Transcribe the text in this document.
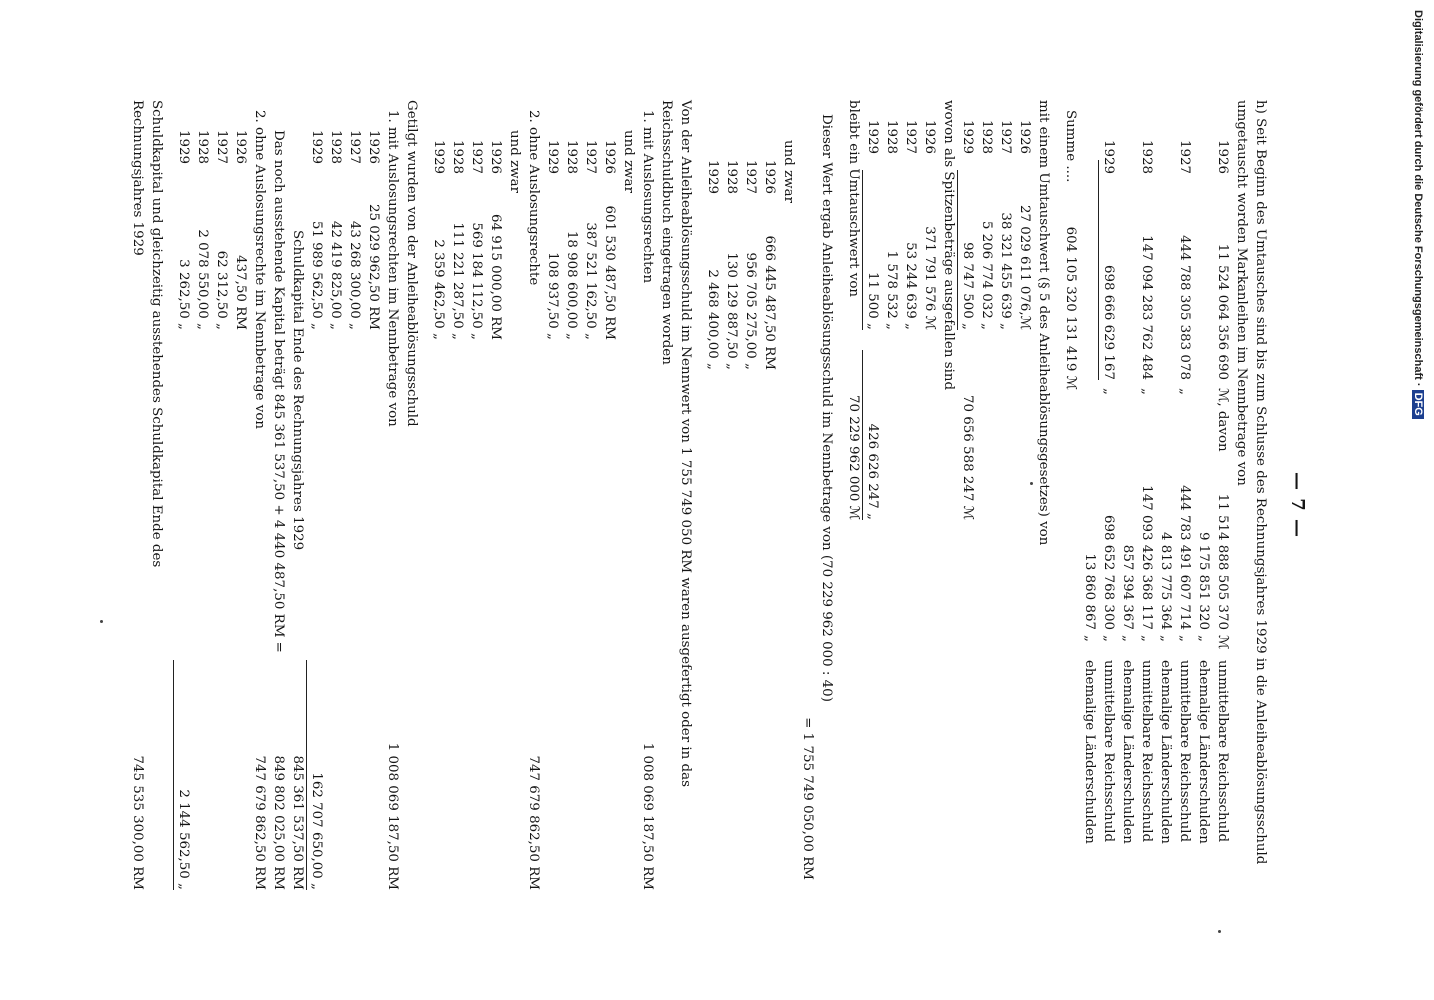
Digitalisierung gefördert durch die Deutsche Forschungsgemeinschaft · DFG
— 7 —
h) Seit Beginn des Umtausches sind bis zum Schlusse des Rechnungsjahres 1929 in die Anleiheablösungsschuld umgetauscht worden Markanleihen im Nennbetrage von
1926
11 524 064 356 690
ℳ, davon
11 514 888 505 370
ℳ
unmittelbare Reichsschuld
9 175 851 320
„
ehemalige Länderschulden
1927
444 788 305 383 078
„
444 783 491 607 714
„
unmittelbare Reichsschuld
4 813 775 364
„
ehemalige Länderschulden
1928
147 094 283 762 484
„
147 093 426 368 117
„
unmittelbare Reichsschuld
857 394 367
„
ehemalige Länderschulden
1929
698 666 629 167
„
698 652 768 300
„
unmittelbare Reichsschuld
13 860 867
„
ehemalige Länderschulden
Summe ....
604 105 320 131 419 ℳ
mit einem Umtauschwert (§ 5 des Anleiheablösungsgesetzes) von
1926
27 029 611 076,ℳ
1927
38 321 455 639 „
1928
5 206 774 032 „
1929
98 747 500 „
70 656 588 247 ℳ
wovon als Spitzenbeträge ausgefallen sind
1926
371 791 576 ℳ
1927
53 244 639 „
1928
1 578 532 „
1929
11 500 „
426 626 247 „
bleibt ein Umtauschwert von
70 229 962 000 ℳ
Dieser Wert ergab Anleiheablösungsschuld im Nennbetrage von (70 229 962 000 : 40)
= 1 755 749 050,00 RM
und zwar
1926
666 445 487,50 RM
1927
956 705 275,00 „
1928
130 129 887,50 „
1929
2 468 400,00 „
Von der Anleiheablösungsschuld im Nennwert von 1 755 749 050 RM waren ausgefertigt oder in das Reichsschuldbuch eingetragen worden
1. mit Auslosungsrechten
1 008 069 187,50 RM
und zwar
1926
601 530 487,50 RM
1927
387 521 162,50 „
1928
18 908 600,00 „
1929
108 937,50 „
2. ohne Auslosungsrechte
747 679 862,50 RM
und zwar
1926
64 915 000,00 RM
1927
569 184 112,50 „
1928
111 221 287,50 „
1929
2 359 462,50 „
Getilgt wurden von der Anleiheablösungsschuld
1. mit Auslosungsrechten im Nennbetrage von
1 008 069 187,50 RM
1926
25 029 962,50 RM
1927
43 268 300,00 „
1928
42 419 825,00 „
1929
51 989 562,50 „
162 707 650,00 „
Schuldkapital Ende des Rechnungsjahres 1929
845 361 537,50 RM
Das noch ausstehende Kapital beträgt 845 361 537,50 + 4 440 487,50 RM =
849 802 025,00 RM
2. ohne Auslosungsrechte im Nennbetrage von
747 679 862,50 RM
1926
437,50 RM
1927
62 312,50 „
1928
2 078 550,00 „
1929
3 262,50 „
2 144 562,50 „
Schuldkapital und gleichzeitig ausstehendes Schuldkapital Ende des Rechnungsjahres 1929
745 535 300,00 RM
